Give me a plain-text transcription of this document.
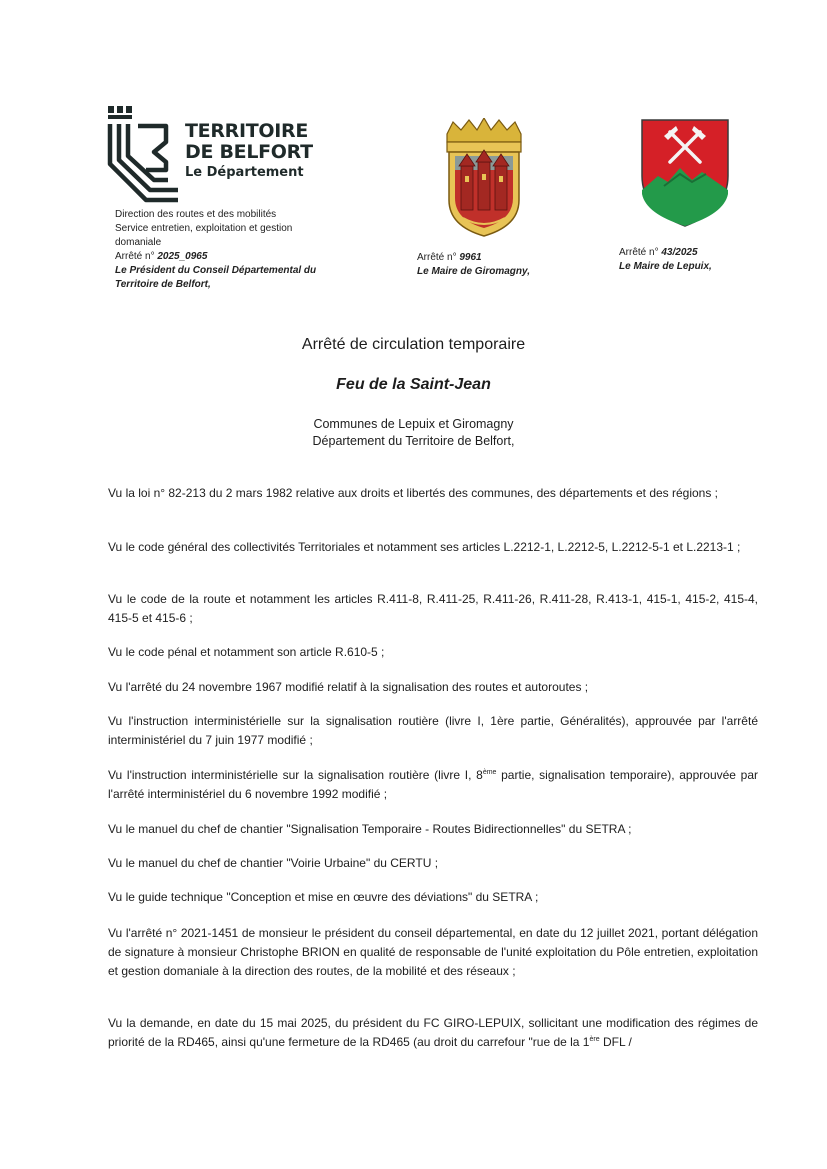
TERRITOIRE
DE BELFORT
Le Département
Direction des routes et des mobilités
Service entretien, exploitation et gestion
domaniale
Arrêté n° 2025_0965
Le Président du Conseil Départemental du
Territoire de Belfort,
Arrêté n° 9961
Le Maire de Giromagny,
Arrêté n° 43/2025
Le Maire de Lepuix,
Arrêté de circulation temporaire
Feu de la Saint-Jean
Communes de Lepuix et Giromagny
Département du Territoire de Belfort,
Vu la loi n° 82-213 du 2 mars 1982 relative aux droits et libertés des communes, des départements et des régions ;
Vu le code général des collectivités Territoriales et notamment ses articles L.2212-1, L.2212-5, L.2212-5-1 et L.2213-1 ;
Vu le code de la route et notamment les articles R.411-8, R.411-25, R.411-26, R.411-28, R.413-1, 415-1, 415-2, 415-4, 415-5 et 415-6 ;
Vu le code pénal et notamment son article R.610-5 ;
Vu l'arrêté du 24 novembre 1967 modifié relatif à la signalisation des routes et autoroutes ;
Vu l'instruction interministérielle sur la signalisation routière (livre I, 1ère partie, Généralités), approuvée par l'arrêté interministériel du 7 juin 1977 modifié ;
Vu l'instruction interministérielle sur la signalisation routière (livre I, 8ème partie, signalisation temporaire), approuvée par l'arrêté interministériel du 6 novembre 1992 modifié ;
Vu le manuel du chef de chantier "Signalisation Temporaire - Routes Bidirectionnelles" du SETRA ;
Vu le manuel du chef de chantier "Voirie Urbaine" du CERTU ;
Vu le guide technique "Conception et mise en œuvre des déviations" du SETRA ;
Vu l'arrêté n° 2021-1451 de monsieur le président du conseil départemental, en date du 12 juillet 2021, portant délégation de signature à monsieur Christophe BRION en qualité de responsable de l'unité exploitation du Pôle entretien, exploitation et gestion domaniale à la direction des routes, de la mobilité et des réseaux ;
Vu la demande, en date du 15 mai 2025, du président du FC GIRO-LEPUIX, sollicitant une modification des régimes de priorité de la RD465, ainsi qu'une fermeture de la RD465 (au droit du carrefour "rue de la 1ère DFL /
